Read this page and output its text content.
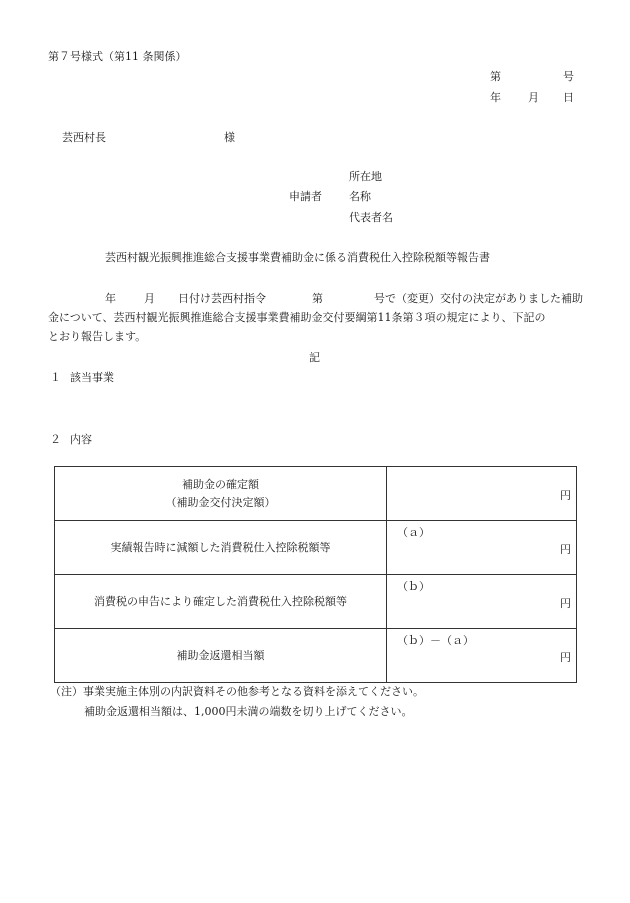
第７号様式（第11 条関係）
第	号
年 月 日
芸西村長	様
所在地
申請者 名称
代表者名
芸西村観光振興推進総合支援事業費補助金に係る消費税仕入控除税額等報告書
年	月 日付け芸西村指令	第	号で（変更）交付の決定がありました補助
金について、芸西村観光振興推進総合支援事業費補助金交付要綱第11条第３項の規定により、下記の
とおり報告します。
記
１ 該当事業
２ 内容
補助金の確定額
（補助金交付決定額）	円

実績報告時に減額した消費税仕入控除税額等	（ａ）
円

消費税の申告により確定した消費税仕入控除税額等	（ｂ）
円

補助金返還相当額	（ｂ）－（ａ）
円
（注）事業実施主体別の内訳資料その他参考となる資料を添えてください。
補助金返還相当額は、1,000円未満の端数を切り上げてください。
